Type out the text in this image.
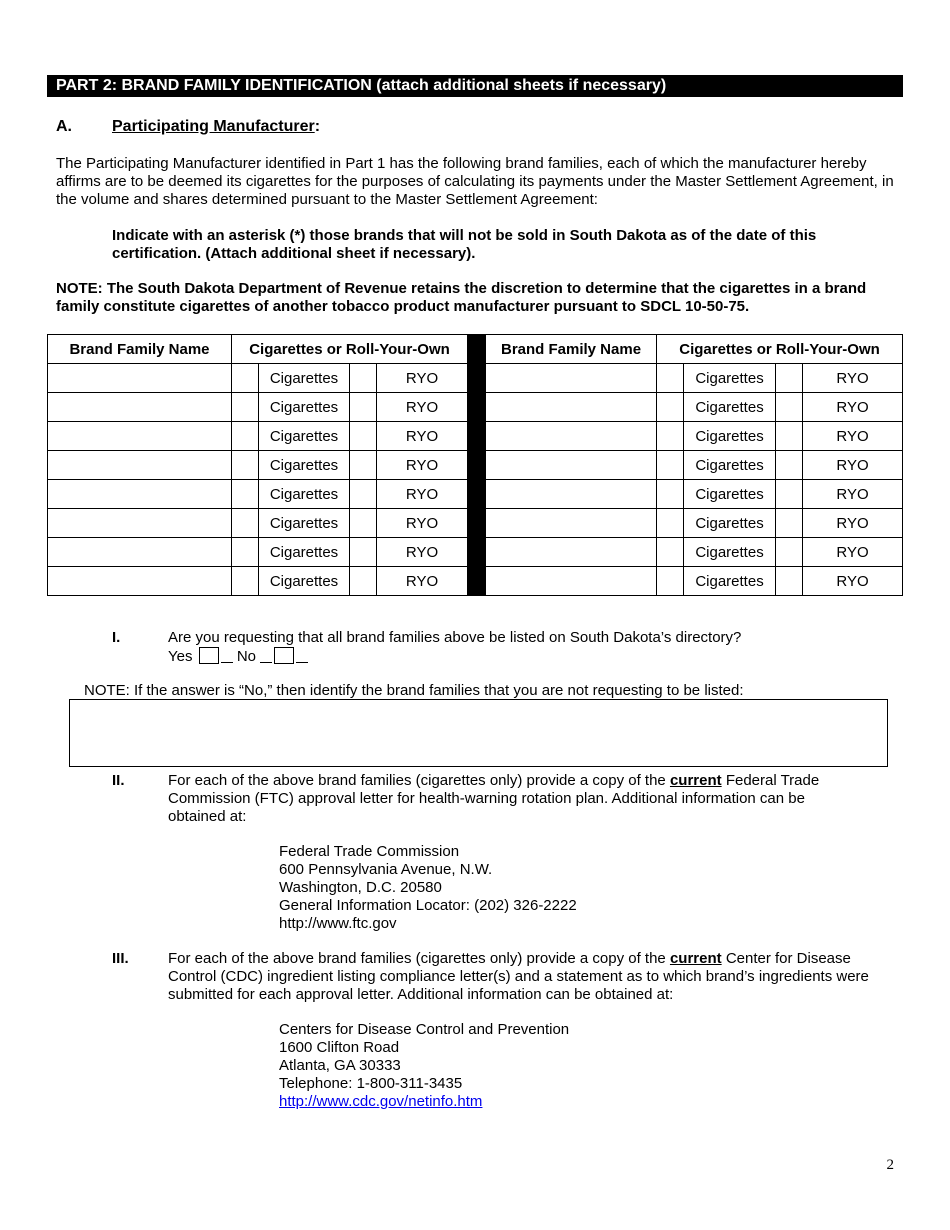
PART 2: BRAND FAMILY IDENTIFICATION (attach additional sheets if necessary)
A.	Participating Manufacturer:
The Participating Manufacturer identified in Part 1 has the following brand families, each of which the manufacturer hereby affirms are to be deemed its cigarettes for the purposes of calculating its payments under the Master Settlement Agreement, in the volume and shares determined pursuant to the Master Settlement Agreement:
Indicate with an asterisk (*) those brands that will not be sold in South Dakota as of the date of this certification. (Attach additional sheet if necessary).
NOTE: The South Dakota Department of Revenue retains the discretion to determine that the cigarettes in a brand family constitute cigarettes of another tobacco product manufacturer pursuant to SDCL 10-50-75.
Brand Family Name	Cigarettes or Roll-Your-Own					Brand Family Name	Cigarettes or Roll-Your-Own			

	Cigarettes		RYO				Cigarettes		RYO

	Cigarettes		RYO				Cigarettes		RYO

	Cigarettes		RYO				Cigarettes		RYO

	Cigarettes		RYO				Cigarettes		RYO

	Cigarettes		RYO				Cigarettes		RYO

	Cigarettes		RYO				Cigarettes		RYO

	Cigarettes		RYO				Cigarettes		RYO

	Cigarettes		RYO				Cigarettes		RYO
I.	Are you requesting that all brand families above be listed on South Dakota’s directory?
Yes	No
NOTE: If the answer is “No,” then identify the brand families that you are not requesting to be listed:
II.	For each of the above brand families (cigarettes only) provide a copy of the current Federal Trade
Commission (FTC) approval letter for health-warning rotation plan. Additional information can be
obtained at:
Federal Trade Commission
600 Pennsylvania Avenue, N.W.
Washington, D.C. 20580
General Information Locator: (202) 326-2222
http://www.ftc.gov
III.	For each of the above brand families (cigarettes only) provide a copy of the current Center for Disease
Control (CDC) ingredient listing compliance letter(s) and a statement as to which brand’s ingredients were
submitted for each approval letter. Additional information can be obtained at:
Centers for Disease Control and Prevention
1600 Clifton Road
Atlanta, GA 30333
Telephone: 1-800-311-3435
http://www.cdc.gov/netinfo.htm
2
